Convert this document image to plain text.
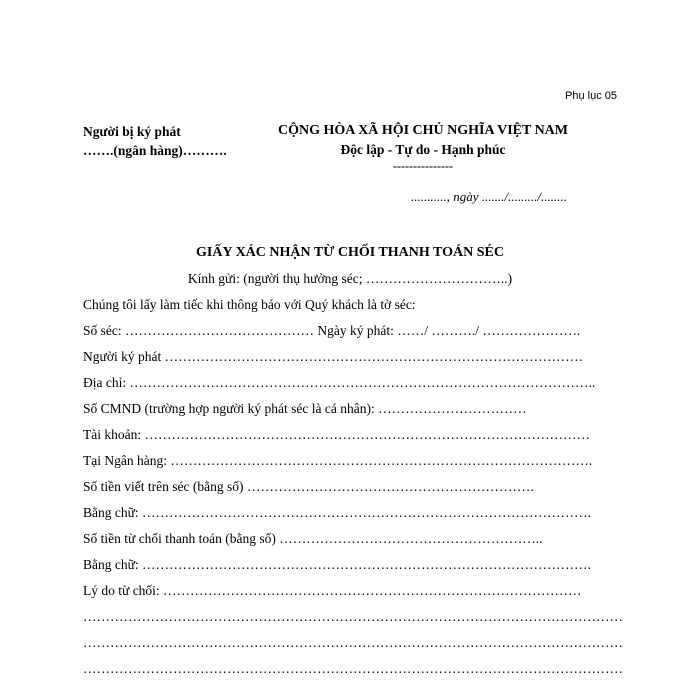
Phụ lục 05
Người bị ký phát
…….(ngân hàng)……….
CỘNG HÒA XÃ HỘI CHỦ NGHĨA VIỆT NAM
Độc lập - Tự do - Hạnh phúc
---------------
..........., ngày ......./........./........
GIẤY XÁC NHẬN TỪ CHỐI THANH TOÁN SÉC
Kính gửi: (người thụ hưởng séc; …………………………..)
Chúng tôi lấy làm tiếc khi thông báo với Quý khách là tờ séc:
Số séc: …………………………………… Ngày ký phát: ……/ ………./ ………………….
Người ký phát …………………………………………………………………………………
Địa chỉ: …………………………………………………………………………………………..
Số CMND (trường hợp người ký phát séc là cá nhân): ……………………………
Tài khoản: ………………………………………………………………………………………
Tại Ngân hàng: ………………………………………………………………………………….
Số tiền viết trên séc (bằng số) ……………………………………………………….
Bằng chữ: ……………………………………………………………………………………….
Số tiền từ chối thanh toán (bằng số) …………………………………………………..
Bằng chữ: ……………………………………………………………………………………….
Lý do từ chối: …………………………………………………………………………………
…………………………………………………………………………………………………………
…………………………………………………………………………………………………………
…………………………………………………………………………………………………………
